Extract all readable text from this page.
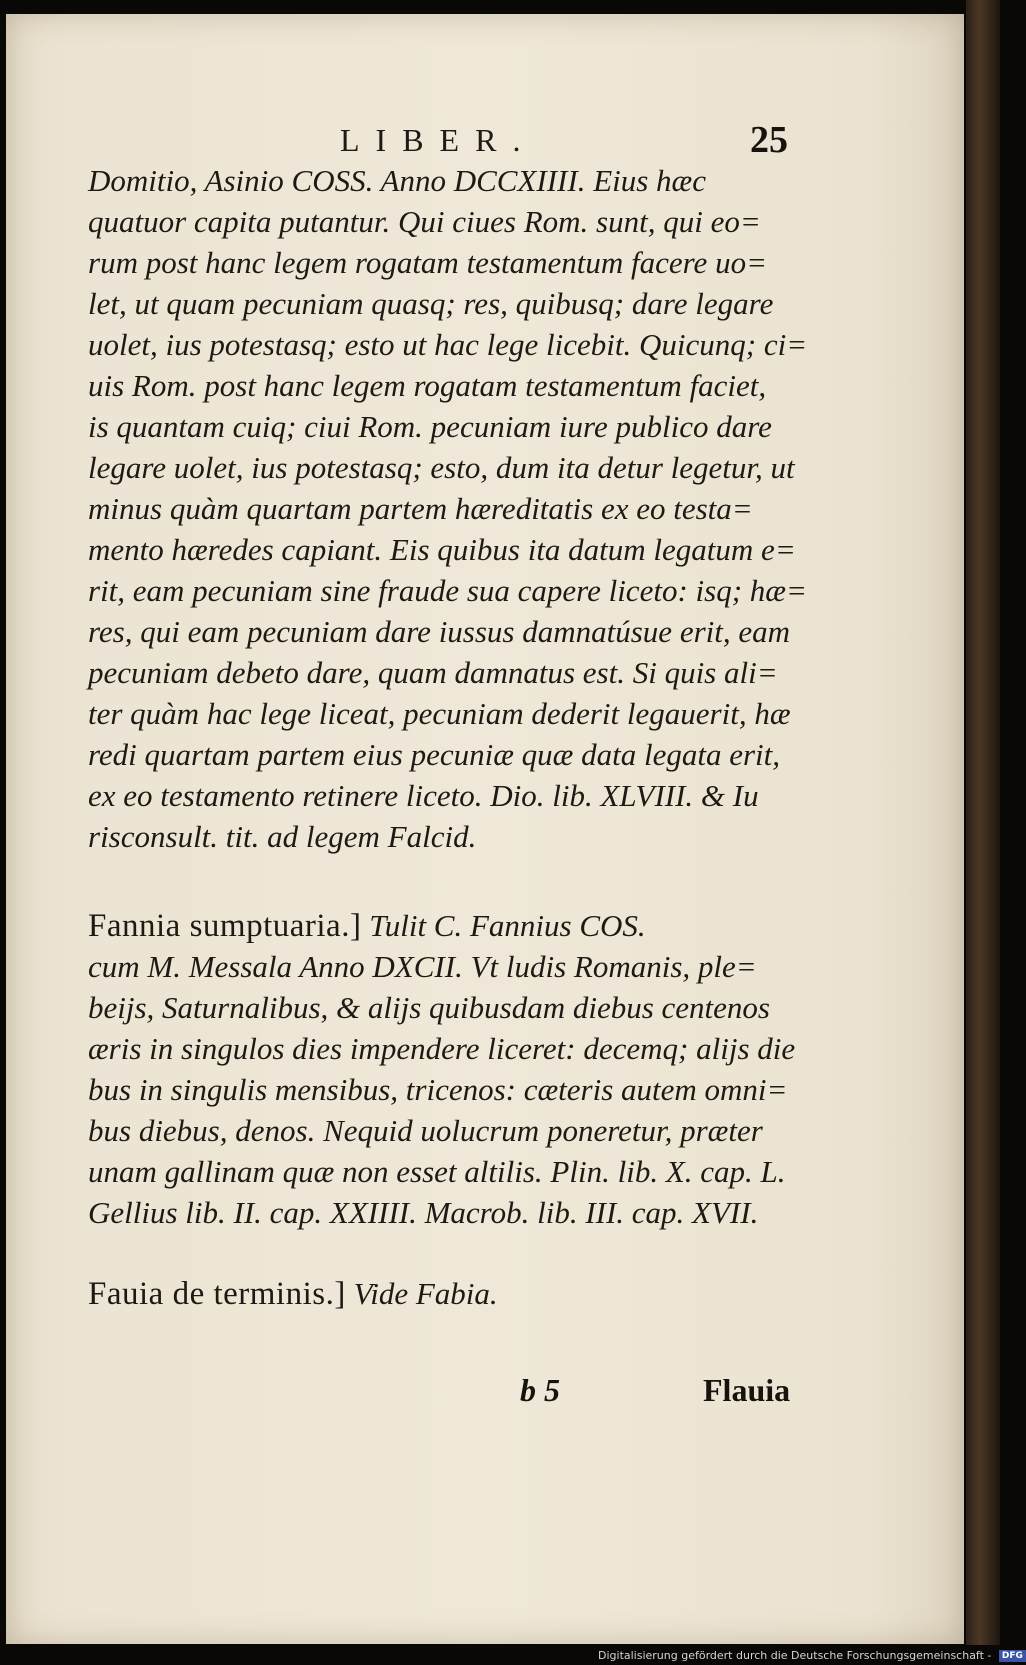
LIBER.	25
Domitio, Asinio COSS. Anno DCCXIIII. Eius hæc
quatuor capita putantur. Qui ciues Rom. sunt, qui eo=
rum post hanc legem rogatam testamentum facere uo=
let, ut quam pecuniam quasq; res, quibusq; dare legare
uolet, ius potestasq; esto ut hac lege licebit. Quicunq; ci=
uis Rom. post hanc legem rogatam testamentum faciet,
is quantam cuiq; ciui Rom. pecuniam iure publico dare
legare uolet, ius potestasq; esto, dum ita detur legetur, ut
minus quàm quartam partem hæreditatis ex eo testa=
mento hæredes capiant. Eis quibus ita datum legatum e=
rit, eam pecuniam sine fraude sua capere liceto: isq; hæ=
res, qui eam pecuniam dare iussus damnatúsue erit, eam
pecuniam debeto dare, quam damnatus est. Si quis ali=
ter quàm hac lege liceat, pecuniam dederit legauerit, hæ
redi quartam partem eius pecuniæ quæ data legata erit,
ex eo testamento retinere liceto. Dio. lib. XLVIII. & Iu
risconsult. tit. ad legem Falcid.
Fannia sumptuaria.] Tulit C. Fannius COS.
cum M. Messala Anno DXCII. Vt ludis Romanis, ple=
beijs, Saturnalibus, & alijs quibusdam diebus centenos
æris in singulos dies impendere liceret: decemq; alijs die
bus in singulis mensibus, tricenos: cæteris autem omni=
bus diebus, denos. Nequid uolucrum poneretur, præter
unam gallinam quæ non esset altilis. Plin. lib. X. cap. L.
Gellius lib. II. cap. XXIIII. Macrob. lib. III. cap. XVII.
Fauia de terminis.] Vide Fabia.
b 5	Flauia
Digitalisierung gefördert durch die Deutsche Forschungsgemeinschaft - DFG
